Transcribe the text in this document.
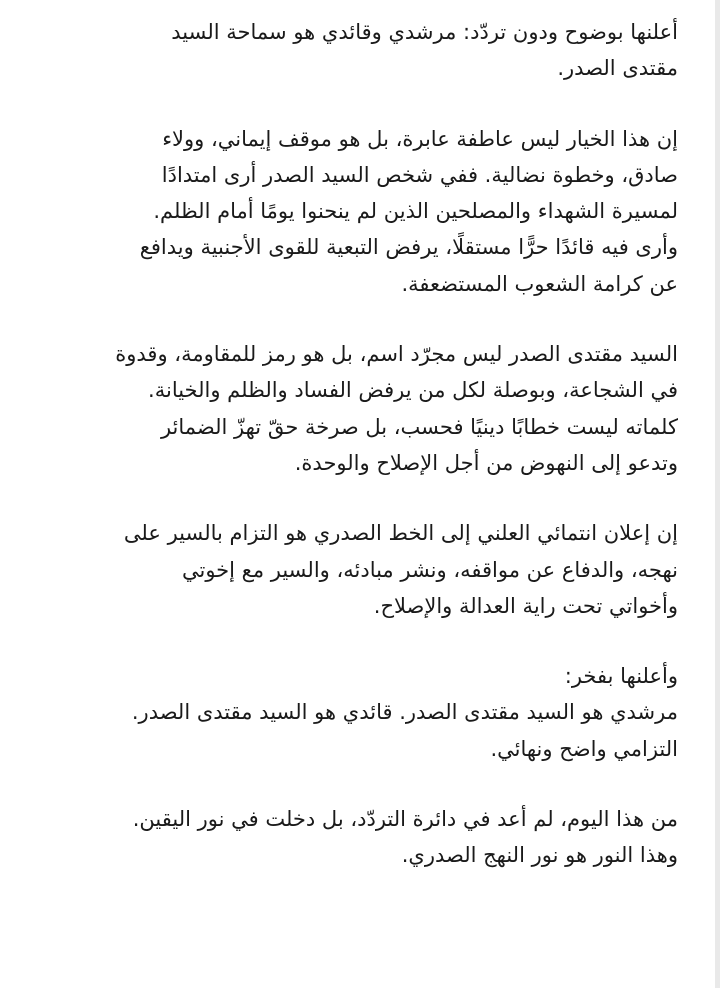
أعلنها بوضوح ودون تردّد: مرشدي وقائدي هو سماحة السيد
مقتدى الصدر.
إن هذا الخيار ليس عاطفة عابرة، بل هو موقف إيماني، وولاء
صادق، وخطوة نضالية. ففي شخص السيد الصدر أرى امتدادًا
لمسيرة الشهداء والمصلحين الذين لم ينحنوا يومًا أمام الظلم.
وأرى فيه قائدًا حرًّا مستقلًا، يرفض التبعية للقوى الأجنبية ويدافع
عن كرامة الشعوب المستضعفة.
السيد مقتدى الصدر ليس مجرّد اسم، بل هو رمز للمقاومة، وقدوة
في الشجاعة، وبوصلة لكل من يرفض الفساد والظلم والخيانة.
كلماته ليست خطابًا دينيًا فحسب، بل صرخة حقّ تهزّ الضمائر
وتدعو إلى النهوض من أجل الإصلاح والوحدة.
إن إعلان انتمائي العلني إلى الخط الصدري هو التزام بالسير على
نهجه، والدفاع عن مواقفه، ونشر مبادئه، والسير مع إخوتي
وأخواتي تحت راية العدالة والإصلاح.
وأعلنها بفخر:
مرشدي هو السيد مقتدى الصدر. قائدي هو السيد مقتدى الصدر.
التزامي واضح ونهائي.
من هذا اليوم، لم أعد في دائرة التردّد، بل دخلت في نور اليقين.
وهذا النور هو نور النهج الصدري.
